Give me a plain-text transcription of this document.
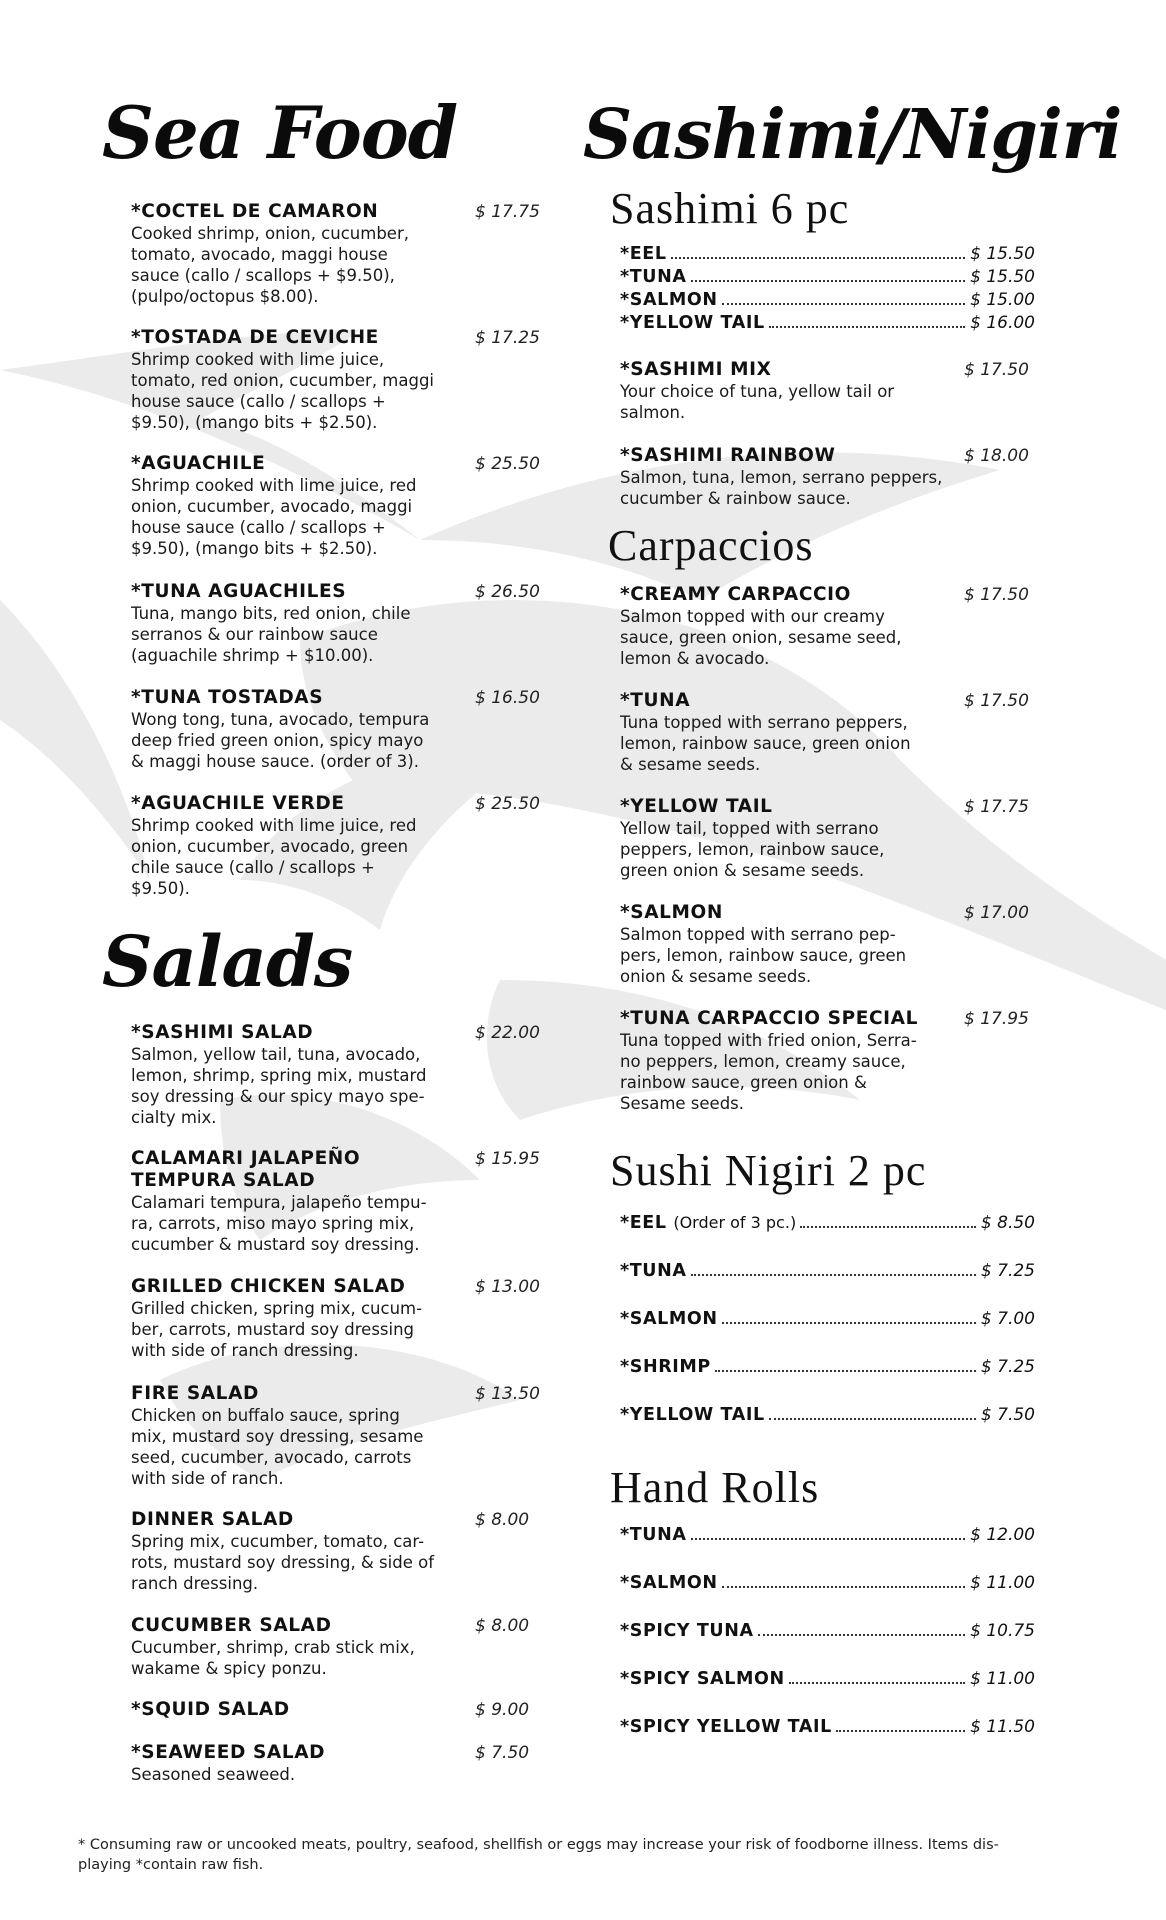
Sea Food
*COCTEL DE CAMARON
Cooked shrimp, onion, cucumber,
tomato, avocado, maggi house
sauce (callo / scallops + $9.50),
(pulpo/octopus $8.00).
$ 17.75
*TOSTADA DE CEVICHE
Shrimp cooked with lime juice,
tomato, red onion, cucumber, maggi
house sauce (callo / scallops +
$9.50), (mango bits + $2.50).
$ 17.25
*AGUACHILE
Shrimp cooked with lime juice, red
onion, cucumber, avocado, maggi
house sauce (callo / scallops +
$9.50), (mango bits + $2.50).
$ 25.50
*TUNA AGUACHILES
Tuna, mango bits, red onion, chile
serranos & our rainbow sauce
(aguachile shrimp + $10.00).
$ 26.50
*TUNA TOSTADAS
Wong tong, tuna, avocado, tempura
deep fried green onion, spicy mayo
& maggi house sauce. (order of 3).
$ 16.50
*AGUACHILE VERDE
Shrimp cooked with lime juice, red
onion, cucumber, avocado, green
chile sauce (callo / scallops +
$9.50).
$ 25.50
Salads
*SASHIMI SALAD
Salmon, yellow tail, tuna, avocado,
lemon, shrimp, spring mix, mustard
soy dressing & our spicy mayo spe-
cialty mix.
$ 22.00
CALAMARI JALAPEÑO
TEMPURA SALAD
Calamari tempura, jalapeño tempu-
ra, carrots, miso mayo spring mix,
cucumber & mustard soy dressing.
$ 15.95
GRILLED CHICKEN SALAD
Grilled chicken, spring mix, cucum-
ber, carrots, mustard soy dressing
with side of ranch dressing.
$ 13.00
FIRE SALAD
Chicken on buffalo sauce, spring
mix, mustard soy dressing, sesame
seed, cucumber, avocado, carrots
with side of ranch.
$ 13.50
DINNER SALAD
Spring mix, cucumber, tomato, car-
rots, mustard soy dressing, & side of
ranch dressing.
$ 8.00
CUCUMBER SALAD
Cucumber, shrimp, crab stick mix,
wakame & spicy ponzu.
$ 8.00
*SQUID SALAD	$ 9.00
*SEAWEED SALAD
Seasoned seaweed.
$ 7.50
Sashimi/Nigiri
Sashimi 6 pc
*EEL	$ 15.50
*TUNA	$ 15.50
*SALMON	$ 15.00
*YELLOW TAIL	$ 16.00
*SASHIMI MIX
Your choice of tuna, yellow tail or
salmon.
$ 17.50
*SASHIMI RAINBOW
Salmon, tuna, lemon, serrano peppers,
cucumber & rainbow sauce.
$ 18.00
Carpaccios
*CREAMY CARPACCIO
Salmon topped with our creamy
sauce, green onion, sesame seed,
lemon & avocado.
$ 17.50
*TUNA
Tuna topped with serrano peppers,
lemon, rainbow sauce, green onion
& sesame seeds.
$ 17.50
*YELLOW TAIL
Yellow tail, topped with serrano
peppers, lemon, rainbow sauce,
green onion & sesame seeds.
$ 17.75
*SALMON
Salmon topped with serrano pep-
pers, lemon, rainbow sauce, green
onion & sesame seeds.
$ 17.00
*TUNA CARPACCIO SPECIAL
Tuna topped with fried onion, Serra-
no peppers, lemon, creamy sauce,
rainbow sauce, green onion &
Sesame seeds.
$ 17.95
Sushi Nigiri 2 pc
*EEL (Order of 3 pc.)	$ 8.50
*TUNA	$ 7.25
*SALMON	$ 7.00
*SHRIMP	$ 7.25
*YELLOW TAIL	$ 7.50
Hand Rolls
*TUNA	$ 12.00
*SALMON	$ 11.00
*SPICY TUNA	$ 10.75
*SPICY SALMON	$ 11.00
*SPICY YELLOW TAIL	$ 11.50
* Consuming raw or uncooked meats, poultry, seafood, shellfish or eggs may increase your risk of foodborne illness. Items dis-
playing *contain raw fish.
